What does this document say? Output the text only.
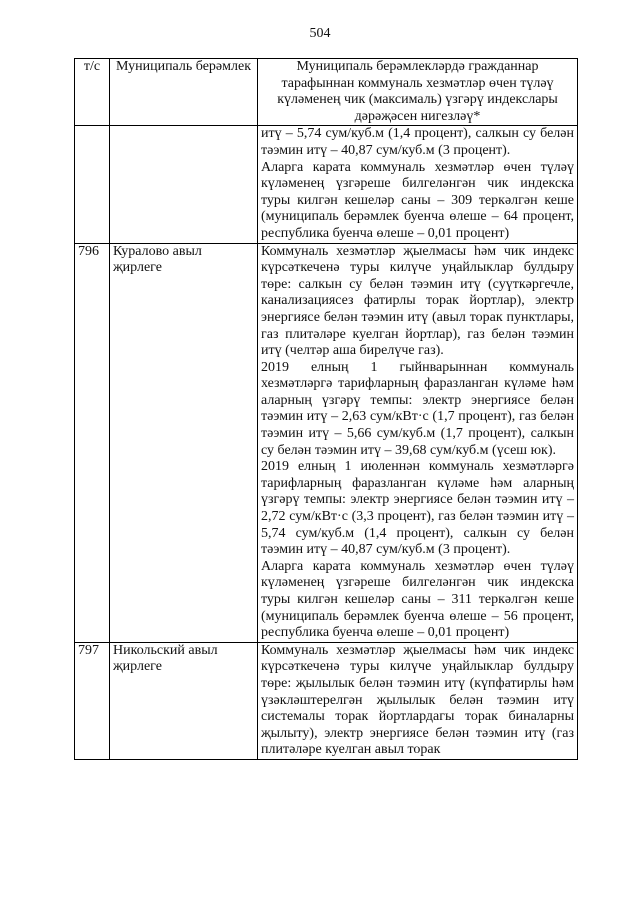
504
т/с	Муниципаль берәмлек	Муниципаль берәмлекләрдә гражданнар тарафыннан коммуналь хезмәтләр өчен түләү күләменең чик (максималь) үзгәрү индекслары дәрәҗәсен нигезләү*

		итү – 5,74 сум/куб.м (1,4 процент), салкын су белән тәэмин итү – 40,87 сум/куб.м (3 процент).

Аларга карата коммуналь хезмәтләр өчен түләү күләменең үзгәреше билгеләнгән чик индекска туры килгән кешеләр саны – 309 теркәлгән кеше (муниципаль берәмлек буенча өлеше – 64 процент, республика буенча өлеше – 0,01 процент)

796	Куралово авыл җирлеге	Коммуналь хезмәтләр җыелмасы һәм чик индекс күрсәткеченә туры килүче уңайлыклар булдыру төре: салкын су белән тәэмин итү (суүткәргечле, канализациясез фатирлы торак йортлар), электр энергиясе белән тәэмин итү (авыл торак пунктлары, газ плитәләре куелган йортлар), газ белән тәэмин итү (челтәр аша бирелүче газ).

2019 елның 1 гыйнварыннан коммуналь хезмәтләргә тарифларның фаразланган күләме һәм аларның үзгәрү темпы: электр энергиясе белән тәэмин итү – 2,63 сум/кВт·с (1,7 процент), газ белән тәэмин итү – 5,66 сум/куб.м (1,7 процент), салкын су белән тәэмин итү – 39,68 сум/куб.м (үсеш юк).

2019 елның 1 июленнән коммуналь хезмәтләргә тарифларның фаразланган күләме һәм аларның үзгәрү темпы: электр энергиясе белән тәэмин итү – 2,72 сум/кВт·с (3,3 процент), газ белән тәэмин итү – 5,74 сум/куб.м (1,4 процент), салкын су белән тәэмин итү – 40,87 сум/куб.м (3 процент).

Аларга карата коммуналь хезмәтләр өчен түләү күләменең үзгәреше билгеләнгән чик индекска туры килгән кешеләр саны – 311 теркәлгән кеше (муниципаль берәмлек буенча өлеше – 56 процент, республика буенча өлеше – 0,01 процент)

797	Никольский авыл җирлеге	Коммуналь хезмәтләр җыелмасы һәм чик индекс күрсәткеченә туры килүче уңайлыклар булдыру төре: җылылык белән тәэмин итү (күпфатирлы һәм үзәкләштерелгән җылылык белән тәэмин итү системалы торак йортлардагы торак биналарны җылыту), электр энергиясе белән тәэмин итү (газ плитәләре куелган авыл торак
